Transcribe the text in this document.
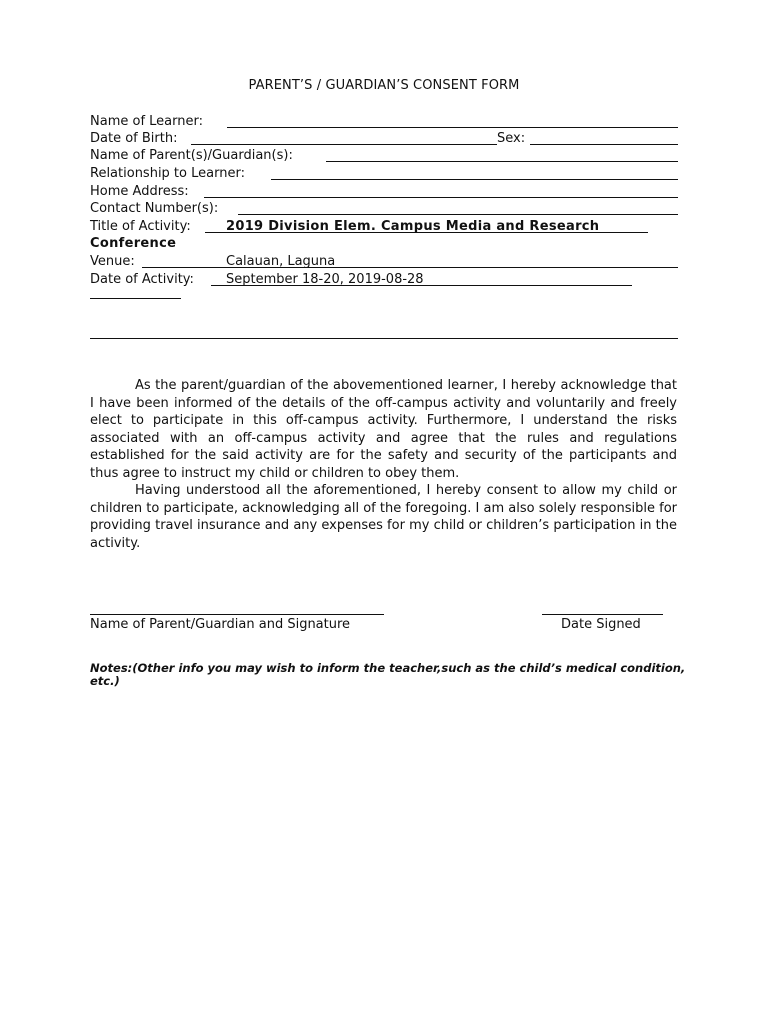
PARENT’S / GUARDIAN’S CONSENT FORM
Name of Learner:
Date of Birth:	Sex:
Name of Parent(s)/Guardian(s):
Relationship to Learner:
Home Address:
Contact Number(s):
Title of Activity:	2019 Division Elem. Campus Media and Research
Conference
Venue:	Calauan, Laguna
Date of Activity: September 18-20, 2019-08-28

As the parent/guardian of the abovementioned learner, I hereby acknowledge that I have been informed of the details of the off-campus activity and voluntarily and freely elect to participate in this off-campus activity. Furthermore, I understand the risks associated with an off-campus activity and agree that the rules and regulations established for the said activity are for the safety and security of the participants and thus agree to instruct my child or children to obey them.

Having understood all the aforementioned, I hereby consent to allow my child or children to participate, acknowledging all of the foregoing. I am also solely responsible for providing travel insurance and any expenses for my child or children’s participation in the activity.

Name of Parent/Guardian and Signature	Date Signed
Notes:(Other info you may wish to inform the teacher,such as the child’s medical condition, etc.)
